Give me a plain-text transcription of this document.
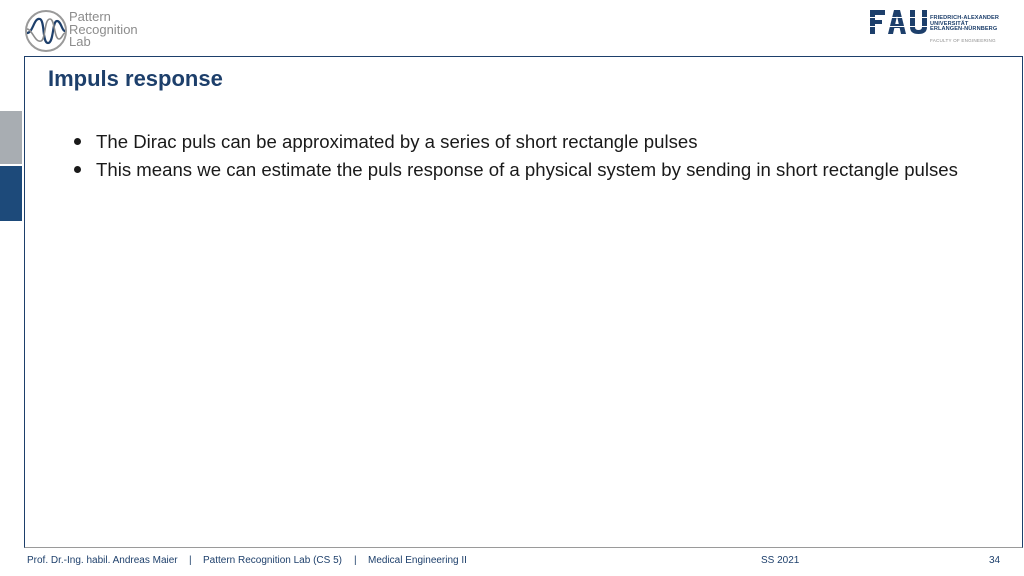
Pattern
Recognition
Lab
FRIEDRICH-ALEXANDER
UNIVERSITÄT
ERLANGEN-NÜRNBERG
FACULTY OF ENGINEERING
Impuls response
The Dirac puls can be approximated by a series of short rectangle pulses
This means we can estimate the puls response of a physical system by sending in short rectangle pulses
Prof. Dr.-Ing. habil. Andreas Maier | Pattern Recognition Lab (CS 5) | Medical Engineering II	SS 2021	34
